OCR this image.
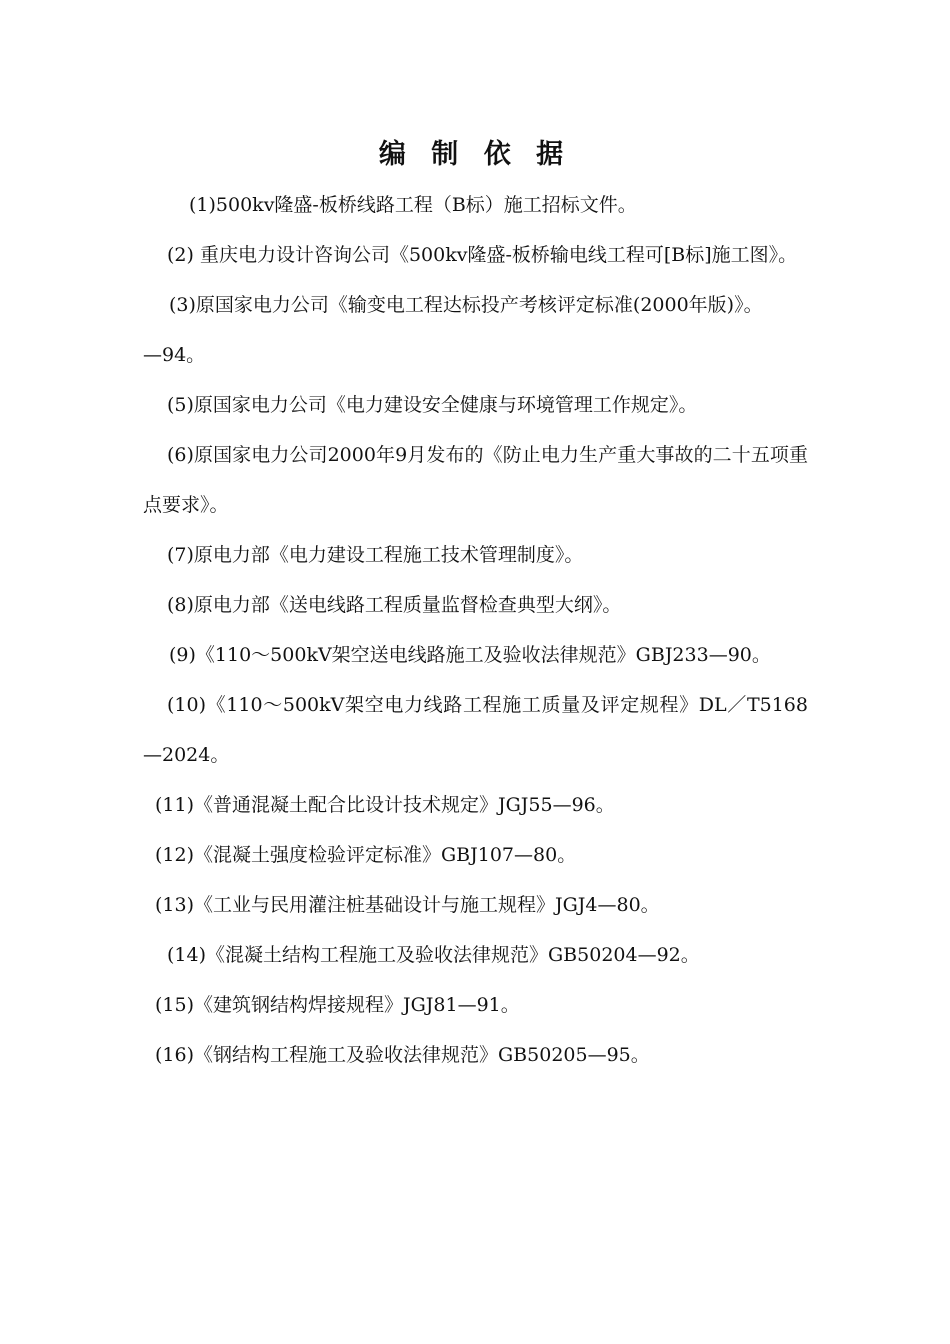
编 制 依 据

(1)500kv隆盛-板桥线路工程（B标）施工招标文件。

(2) 重庆电力设计咨询公司《500kv隆盛-板桥输电线工程可[B标]施工图》。

(3)原国家电力公司《输变电工程达标投产考核评定标准(2000年版)》。

—94。

(5)原国家电力公司《电力建设安全健康与环境管理工作规定》。

(6)原国家电力公司2000年9月发布的《防止电力生产重大事故的二十五项重点要求》。

(7)原电力部《电力建设工程施工技术管理制度》。

(8)原电力部《送电线路工程质量监督检查典型大纲》。

(9)《110～500kV架空送电线路施工及验收法律规范》GBJ233—90。

(10)《110～500kV架空电力线路工程施工质量及评定规程》DL／T5168—2024。

(11)《普通混凝土配合比设计技术规定》JGJ55—96。

(12)《混凝土强度检验评定标准》GBJ107—80。

(13)《工业与民用灌注桩基础设计与施工规程》JGJ4—80。

(14)《混凝土结构工程施工及验收法律规范》GB50204—92。

(15)《建筑钢结构焊接规程》JGJ81—91。

(16)《钢结构工程施工及验收法律规范》GB50205—95。
